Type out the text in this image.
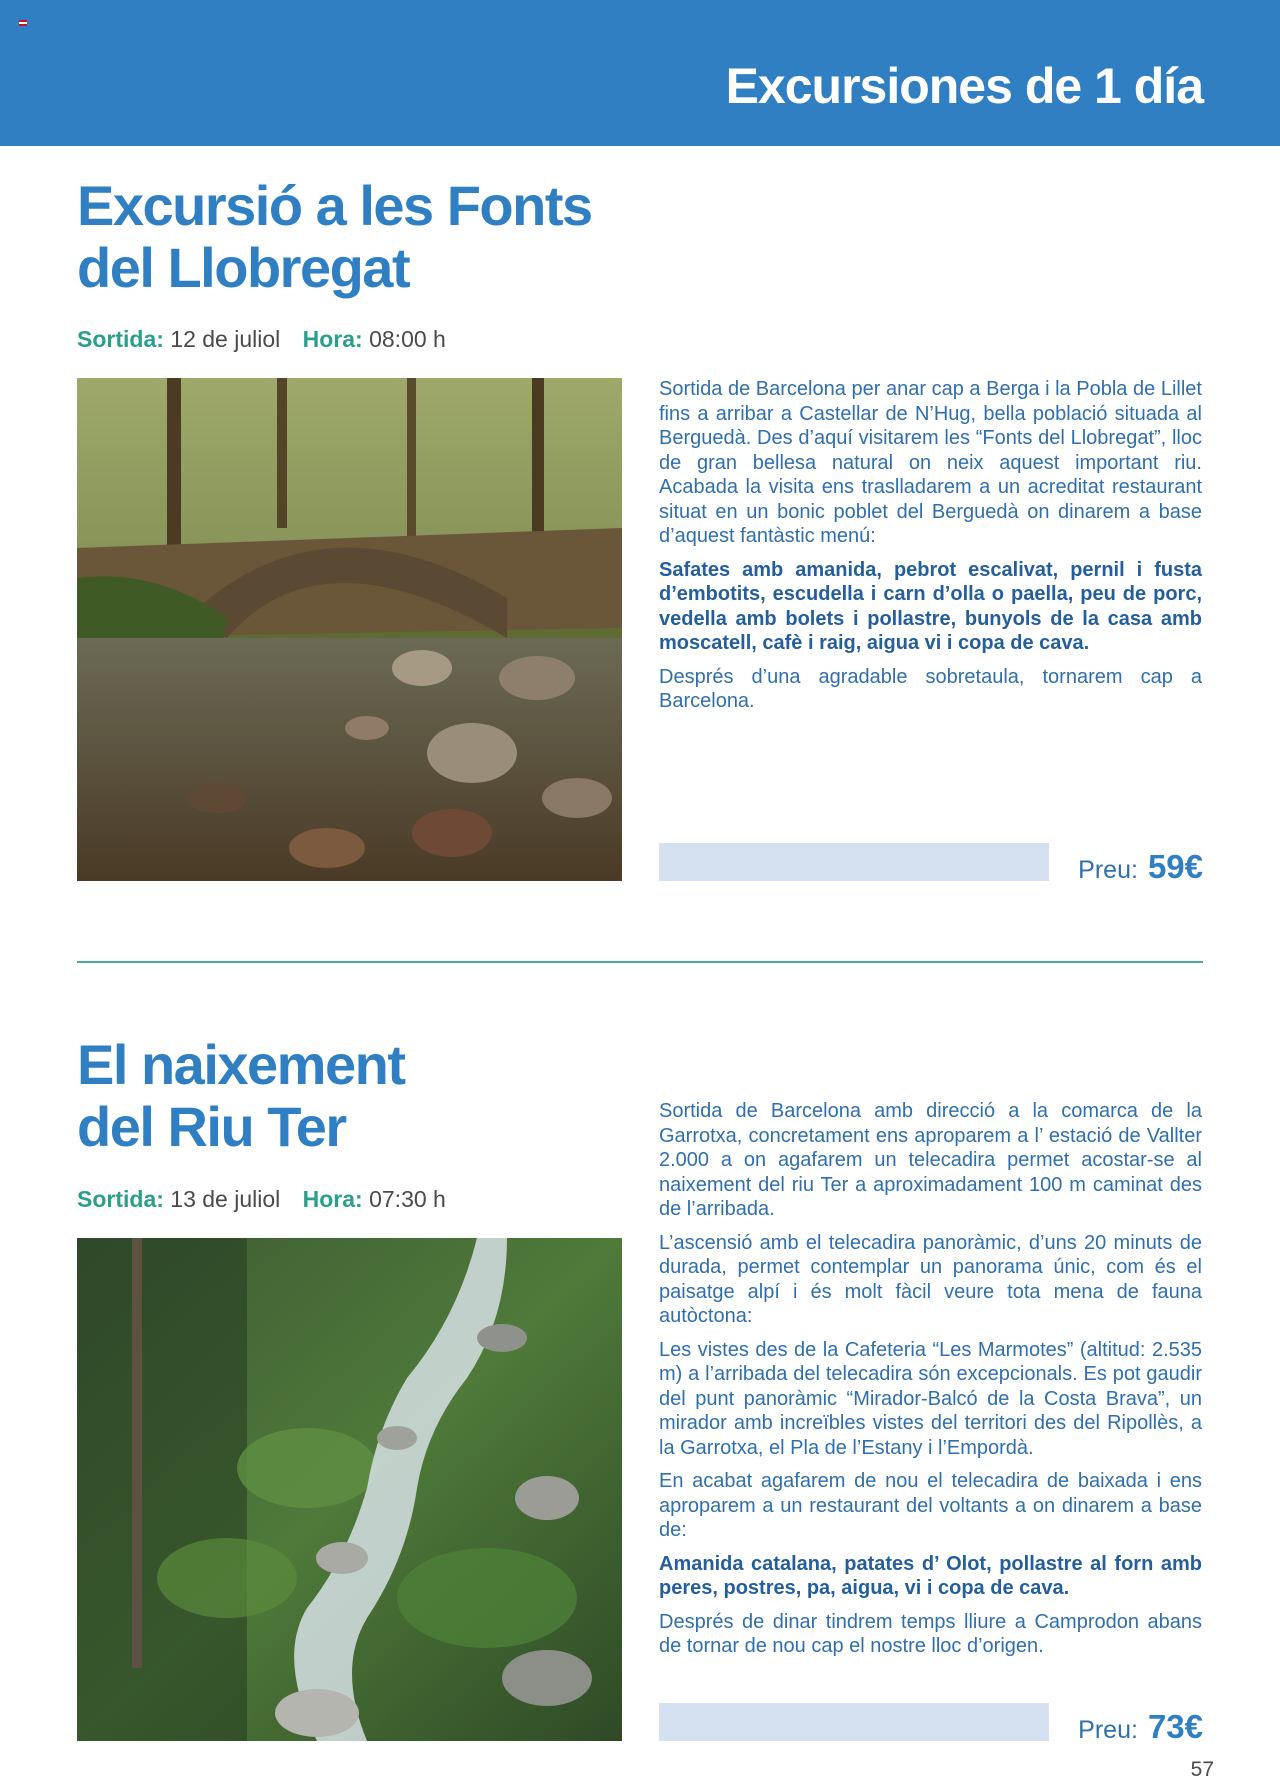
Excursiones de 1 día
Excursió a les Fonts
del Llobregat
Sortida: 12 de juliol Hora: 08:00 h

Sortida de Barcelona per anar cap a Berga i la Pobla de Lillet fins a arribar a Castellar de N’Hug, bella població situada al Berguedà. Des d’aquí visitarem les “Fonts del Llobregat”, lloc de gran bellesa natural on neix aquest important riu. Acabada la visita ens traslladarem a un acreditat restaurant situat en un bonic poblet del Berguedà on dinarem a base d’aquest fantàstic menú:

Safates amb amanida, pebrot escalivat, pernil i fusta d’embotits, escudella i carn d’olla o paella, peu de porc, vedella amb bolets i pollastre, bunyols de la casa amb moscatell, cafè i raig, aigua vi i copa de cava.

Després d’una agradable sobretaula, tornarem cap a Barcelona.

Preu: 59€
El naixement
del Riu Ter
Sortida: 13 de juliol Hora: 07:30 h

Sortida de Barcelona amb direcció a la comarca de la Garrotxa, concretament ens aproparem a l’ estació de Vallter 2.000 a on agafarem un telecadira permet acostar-se al naixement del riu Ter a aproximadament 100 m caminat des de l’arribada.

L’ascensió amb el telecadira panoràmic, d’uns 20 minuts de durada, permet contemplar un panorama únic, com és el paisatge alpí i és molt fàcil veure tota mena de fauna autòctona:

Les vistes des de la Cafeteria “Les Marmotes” (altitud: 2.535 m) a l’arribada del telecadira són excepcionals. Es pot gaudir del punt panoràmic “Mirador-Balcó de la Costa Brava”, un mirador amb increïbles vistes del territori des del Ripollès, a la Garrotxa, el Pla de l’Estany i l’Empordà.

En acabat agafarem de nou el telecadira de baixada i ens aproparem a un restaurant del voltants a on dinarem a base de:

Amanida catalana, patates d’ Olot, pollastre al forn amb peres, postres, pa, aigua, vi i copa de cava.

Després de dinar tindrem temps lliure a Camprodon abans de tornar de nou cap el nostre lloc d’origen.

Preu: 73€
57
